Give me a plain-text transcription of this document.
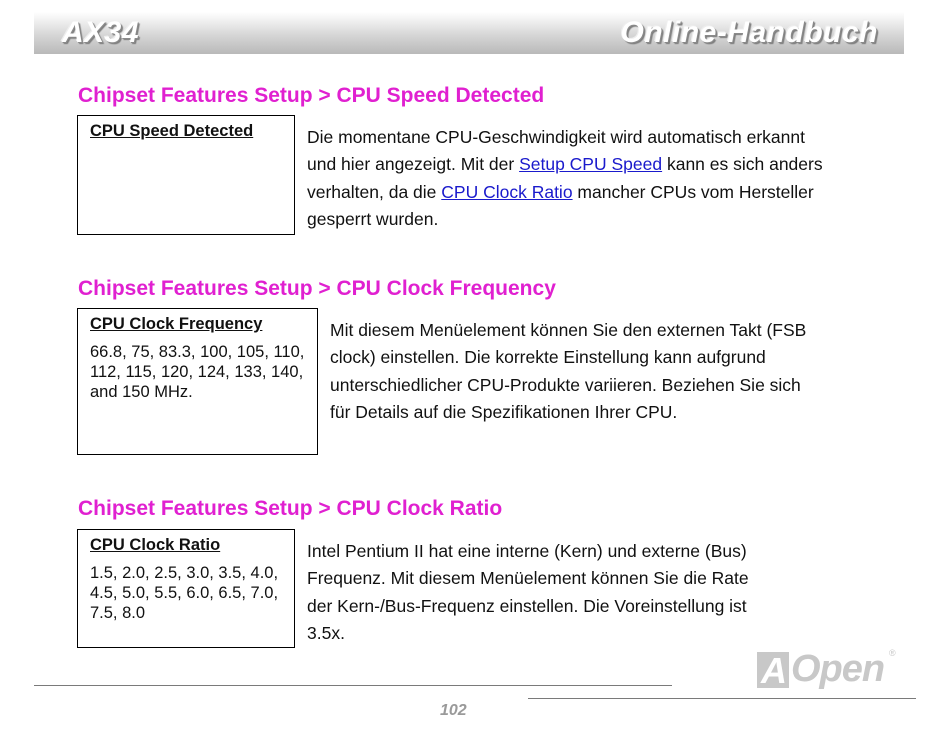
AX34	Online-Handbuch
Chipset Features Setup > CPU Speed Detected

CPU Speed Detected	Die momentane CPU-Geschwindigkeit wird automatisch erkannt und hier angezeigt. Mit der Setup CPU Speed kann es sich anders verhalten, da die CPU Clock Ratio mancher CPUs vom Hersteller gesperrt wurden.
Chipset Features Setup > CPU Clock Frequency

CPU Clock Frequency

66.8, 75, 83.3, 100, 105, 110, 112, 115, 120, 124, 133, 140, and 150 MHz.
Mit diesem Menüelement können Sie den externen Takt (FSB clock) einstellen. Die korrekte Einstellung kann aufgrund unterschiedlicher CPU-Produkte variieren. Beziehen Sie sich für Details auf die Spezifikationen Ihrer CPU.
Chipset Features Setup > CPU Clock Ratio

CPU Clock Ratio

1.5, 2.0, 2.5, 3.0, 3.5, 4.0, 4.5, 5.0, 5.5, 6.0, 6.5, 7.0, 7.5, 8.0
Intel Pentium II hat eine interne (Kern) und externe (Bus) Frequenz. Mit diesem Menüelement können Sie die Rate der Kern-/Bus-Frequenz einstellen. Die Voreinstellung ist 3.5x.
A Open ®
102
